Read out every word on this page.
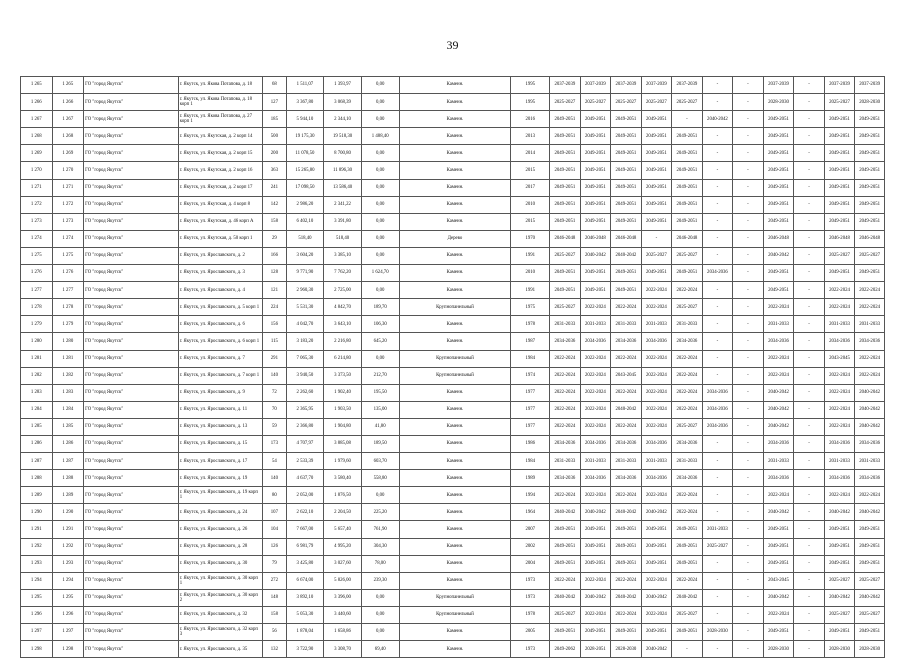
39
1 265	1 265	ГО "город Якутск"	г. Якутск, ул. Якова Потапова, д. 18	68	1 511,07	1 393,97	0,00	Каменн.	1995	2037-2039	2037-2039	2037-2039	2037-2039	2037-2039	-	-	2037-2039	-	2037-2039	2037-2039
1 266	1 266	ГО "город Якутск"	г. Якутск, ул. Якова Потапова, д. 18 корп 1	127	3 367,80	3 068,39	0,00	Каменн.	1995	2025-2027	2025-2027	2025-2027	2025-2027	2025-2027	-	-	2028-2030	-	2025-2027	2028-2030
1 267	1 267	ГО "город Якутск"	г. Якутск, ул. Якова Потапова, д. 27 корп 1	185	5 944,10	2 344,10	0,00	Каменн.	2016	2049-2051	2049-2051	2049-2051	2049-2051	-	2040-2042	-	2049-2051	-	2049-2051	2049-2051
1 268	1 268	ГО "город Якутск"	г. Якутск, ул. Якутская, д. 2 корп 14	500	19 175,30	19 518,30	1 488,40	Каменн.	2013	2049-2051	2049-2051	2049-2051	2049-2051	2049-2051	-	-	2049-2051	-	2049-2051	2049-2051
1 269	1 269	ГО "город Якутск"	г. Якутск, ул. Якутская, д. 2 корп 15	200	11 078,50	8 700,80	0,00	Каменн.	2014	2049-2051	2049-2051	2049-2051	2049-2051	2049-2051	-	-	2049-2051	-	2049-2051	2049-2051
1 270	1 270	ГО "город Якутск"	г. Якутск, ул. Якутская, д. 2 корп 16	363	15 265,80	11 896,30	0,00	Каменн.	2015	2049-2051	2049-2051	2049-2051	2049-2051	2049-2051	-	-	2049-2051	-	2049-2051	2049-2051
1 271	1 271	ГО "город Якутск"	г. Якутск, ул. Якутская, д. 2 корп 17	241	17 098,50	13 586,40	0,00	Каменн.	2017	2049-2051	2049-2051	2049-2051	2049-2051	2049-2051	-	-	2049-2051	-	2049-2051	2049-2051
1 272	1 272	ГО "город Якутск"	г. Якутск, ул. Якутская, д. 4 корп 8	142	2 986,20	2 341,22	0,00	Каменн.	2010	2049-2051	2049-2051	2049-2051	2049-2051	2049-2051	-	-	2049-2051	-	2049-2051	2049-2051
1 273	1 273	ГО "город Якутск"	г. Якутск, ул. Якутская, д. 46 корп А	158	6 402,10	3 391,80	0,00	Каменн.	2015	2049-2051	2049-2051	2049-2051	2049-2051	2049-2051	-	-	2049-2051	-	2049-2051	2049-2051
1 274	1 274	ГО "город Якутск"	г. Якутск, ул. Якутская, д. 50 корп 1	29	518,40	518,40	0,00	Дерево	1970	2046-2048	2046-2048	2046-2048	-	2046-2048	-	-	2046-2048	-	2046-2048	2046-2048
1 275	1 275	ГО "город Якутск"	г. Якутск, ул. Ярославского, д. 2	166	3 604,20	3 385,10	0,00	Каменн.	1991	2025-2027	2040-2042	2040-2042	2025-2027	2025-2027	-	-	2040-2042	-	2025-2027	2025-2027
1 276	1 276	ГО "город Якутск"	г. Якутск, ул. Ярославского, д. 3	128	9 771,90	7 762,20	1 624,70	Каменн.	2010	2049-2051	2049-2051	2049-2051	2049-2051	2049-2051	2034-2036	-	2049-2051	-	2049-2051	2049-2051
1 277	1 277	ГО "город Якутск"	г. Якутск, ул. Ярославского, д. 4	121	2 960,30	2 725,00	0,00	Каменн.	1991	2049-2051	2049-2051	2049-2051	2022-2024	2022-2024	-	-	2049-2051	-	2022-2024	2022-2024
1 278	1 278	ГО "город Якутск"	г. Якутск, ул. Ярославского, д. 5 корп 1	224	5 531,30	4 842,70	189,70	Крупнопанельный	1975	2025-2027	2022-2024	2022-2024	2022-2024	2025-2027	-	-	2022-2024	-	2022-2024	2022-2024
1 279	1 279	ГО "город Якутск"	г. Якутск, ул. Ярославского, д. 6	156	4 042,70	3 643,10	106,30	Каменн.	1978	2031-2033	2031-2033	2031-2033	2031-2033	2031-2033	-	-	2031-2033	-	2031-2033	2031-2033
1 280	1 280	ГО "город Якутск"	г. Якутск, ул. Ярославского, д. 6 корп 1	115	3 183,20	2 216,80	645,20	Каменн.	1987	2034-2036	2034-2036	2034-2036	2034-2036	2034-2036	-	-	2034-2036	-	2034-2036	2034-2036
1 281	1 281	ГО "город Якутск"	г. Якутск, ул. Ярославского, д. 7	291	7 065,30	6 214,80	0,00	Крупнопанельный	1984	2022-2024	2022-2024	2022-2024	2022-2024	2022-2024	-	-	2022-2024	-	2043-2045	2022-2024
1 282	1 282	ГО "город Якутск"	г. Якутск, ул. Ярославского, д. 7 корп 1	140	3 940,50	3 373,50	212,70	Крупнопанельный	1974	2022-2024	2022-2024	2043-2045	2022-2024	2022-2024	-	-	2022-2024	-	2022-2024	2022-2024
1 283	1 283	ГО "город Якутск"	г. Якутск, ул. Ярославского, д. 9	72	2 262,60	1 902,40	195,50	Каменн.	1977	2022-2024	2022-2024	2022-2024	2022-2024	2022-2024	2034-2036	-	2040-2042	-	2022-2024	2040-2042
1 284	1 284	ГО "город Якутск"	г. Якутск, ул. Ярославского, д. 11	70	2 365,95	1 903,50	135,00	Каменн.	1977	2022-2024	2022-2024	2040-2042	2022-2024	2022-2024	2034-2036	-	2040-2042	-	2022-2024	2040-2042
1 285	1 285	ГО "город Якутск"	г. Якутск, ул. Ярославского, д. 13	59	2 366,80	1 904,80	41,80	Каменн.	1977	2022-2024	2022-2024	2022-2024	2022-2024	2025-2027	2034-2036	-	2040-2042	-	2022-2024	2040-2042
1 286	1 286	ГО "город Якутск"	г. Якутск, ул. Ярославского, д. 15	173	4 707,97	3 885,08	189,50	Каменн.	1986	2034-2036	2034-2036	2034-2036	2034-2036	2034-2036	-	-	2034-2036	-	2034-2036	2034-2036
1 287	1 287	ГО "город Якутск"	г. Якутск, ул. Ярославского, д. 17	54	2 533,39	1 979,60	603,70	Каменн.	1984	2031-2033	2031-2033	2031-2033	2031-2033	2031-2033	-	-	2031-2033	-	2031-2033	2031-2033
1 288	1 288	ГО "город Якутск"	г. Якутск, ул. Ярославского, д. 19	140	4 637,70	3 580,40	558,80	Каменн.	1989	2034-2036	2034-2036	2034-2036	2034-2036	2034-2036	-	-	2034-2036	-	2034-2036	2034-2036
1 289	1 289	ГО "город Якутск"	г. Якутск, ул. Ярославского, д. 19 корп 1	80	2 052,00	1 876,50	0,00	Каменн.	1994	2022-2024	2022-2024	2022-2024	2022-2024	2022-2024	-	-	2022-2024	-	2022-2024	2022-2024
1 290	1 290	ГО "город Якутск"	г. Якутск, ул. Ярославского, д. 24	107	2 622,10	2 204,50	225,20	Каменн.	1964	2040-2042	2040-2042	2040-2042	2040-2042	2022-2024	-	-	2040-2042	-	2040-2042	2040-2042
1 291	1 291	ГО "город Якутск"	г. Якутск, ул. Ярославского, д. 26	104	7 667,00	5 657,40	761,90	Каменн.	2007	2049-2051	2049-2051	2049-2051	2049-2051	2049-2051	2031-2033	-	2049-2051	-	2049-2051	2049-2051
1 292	1 292	ГО "город Якутск"	г. Якутск, ул. Ярославского, д. 28	126	6 981,79	4 995,20	304,30	Каменн.	2002	2049-2051	2049-2051	2049-2051	2049-2051	2049-2051	2025-2027	-	2049-2051	-	2049-2051	2049-2051
1 293	1 293	ГО "город Якутск"	г. Якутск, ул. Ярославского, д. 30	79	3 425,80	3 027,60	78,00	Каменн.	2004	2049-2051	2049-2051	2049-2051	2049-2051	2049-2051	-	-	2049-2051	-	2049-2051	2049-2051
1 294	1 294	ГО "город Якутск"	г. Якутск, ул. Ярославского, д. 30 корп 1	272	6 674,00	5 826,00	239,30	Каменн.	1973	2022-2024	2022-2024	2022-2024	2022-2024	2022-2024	-	-	2043-2045	-	2025-2027	2025-2027
1 295	1 295	ГО "город Якутск"	г. Якутск, ул. Ярославского, д. 30 корп 2	148	3 892,10	3 396,00	0,00	Крупнопанельный	1973	2040-2042	2040-2042	2040-2042	2040-2042	2040-2042	-	-	2040-2042	-	2040-2042	2040-2042
1 296	1 296	ГО "город Якутск"	г. Якутск, ул. Ярославского, д. 32	158	5 053,30	3 440,60	0,00	Крупнопанельный	1978	2025-2027	2022-2024	2022-2024	2022-2024	2025-2027	-	-	2022-2024	-	2025-2027	2025-2027
1 297	1 297	ГО "город Якутск"	г. Якутск, ул. Ярославского, д. 32 корп 3	56	1 878,04	1 658,86	0,00	Каменн.	2005	2049-2051	2049-2051	2049-2051	2049-2051	2049-2051	2028-2030	-	2049-2051	-	2049-2051	2049-2051
1 298	1 298	ГО "город Якутск"	г. Якутск, ул. Ярославского, д. 35	132	3 722,90	3 308,70	69,40	Каменн.	1973	2049-2062	2028-2051	2028-2030	2040-2042	-	-	-	2028-2030	-	2028-2030	2028-2030
